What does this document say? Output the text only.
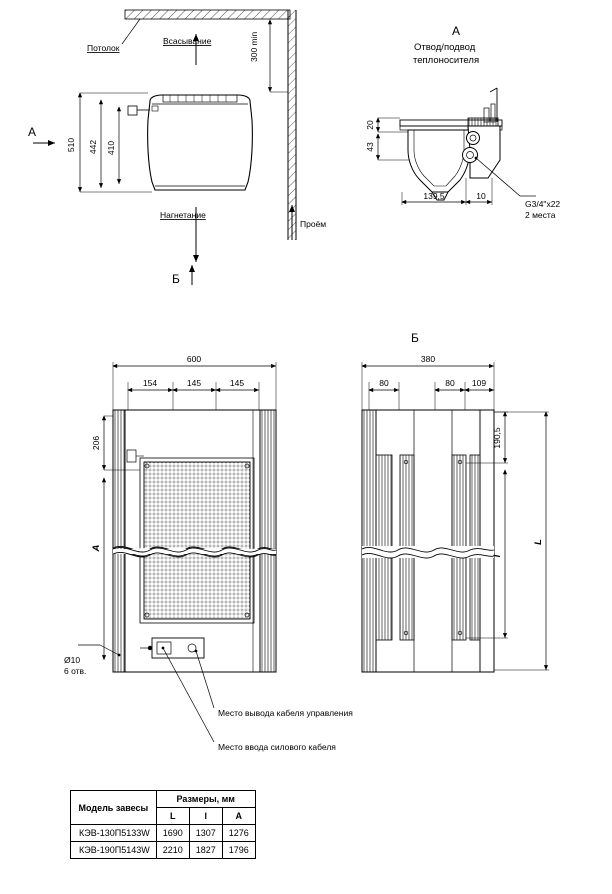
Потолок
Всасывание	300 min
Нагнетание
Проём
510 442 410
А
Б
А
Отвод/подвод
теплоносителя
20
43
139,5	10
G3/4"x22
2 места
600
154	145	145
206
A
Ø10
6 отв.
Место вывода кабеля управления
Место ввода силового кабеля
Б
380
80	80 109
190,5
l
L
Модель завесы	Размеры, мм		
	L	l	A
КЭВ-130П5133W	1690	1307	1276
КЭВ-190П5143W	2210	1827	1796
